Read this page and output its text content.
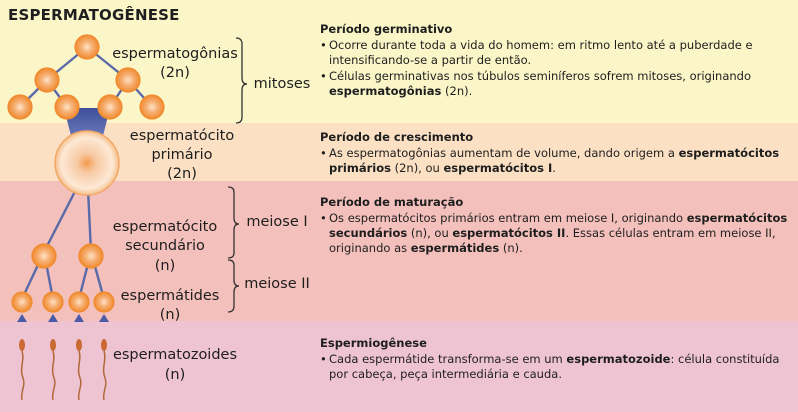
ESPERMATOGÊNESE
espermatogônias
(2n)
mitoses
espermatócito
primário
(2n)
espermatócito
secundário
(n)
meiose I
meiose II
espermátides
(n)
espermatozoides
(n)
Período germinativo
• Ocorre durante toda a vida do homem: em ritmo lento até a puberdade e intensificando-se a partir de então.
• Células germinativas nos túbulos seminíferos sofrem mitoses, originando espermatogônias (2n).
Período de crescimento
• As espermatogônias aumentam de volume, dando origem a espermatócitos primários (2n), ou espermatócitos I.
Período de maturação
• Os espermatócitos primários entram em meiose I, originando espermatócitos secundários (n), ou espermatócitos II. Essas células entram em meiose II, originando as espermátides (n).
Espermiogênese
• Cada espermátide transforma-se em um espermatozoide: célula constituída por cabeça, peça intermediária e cauda.
